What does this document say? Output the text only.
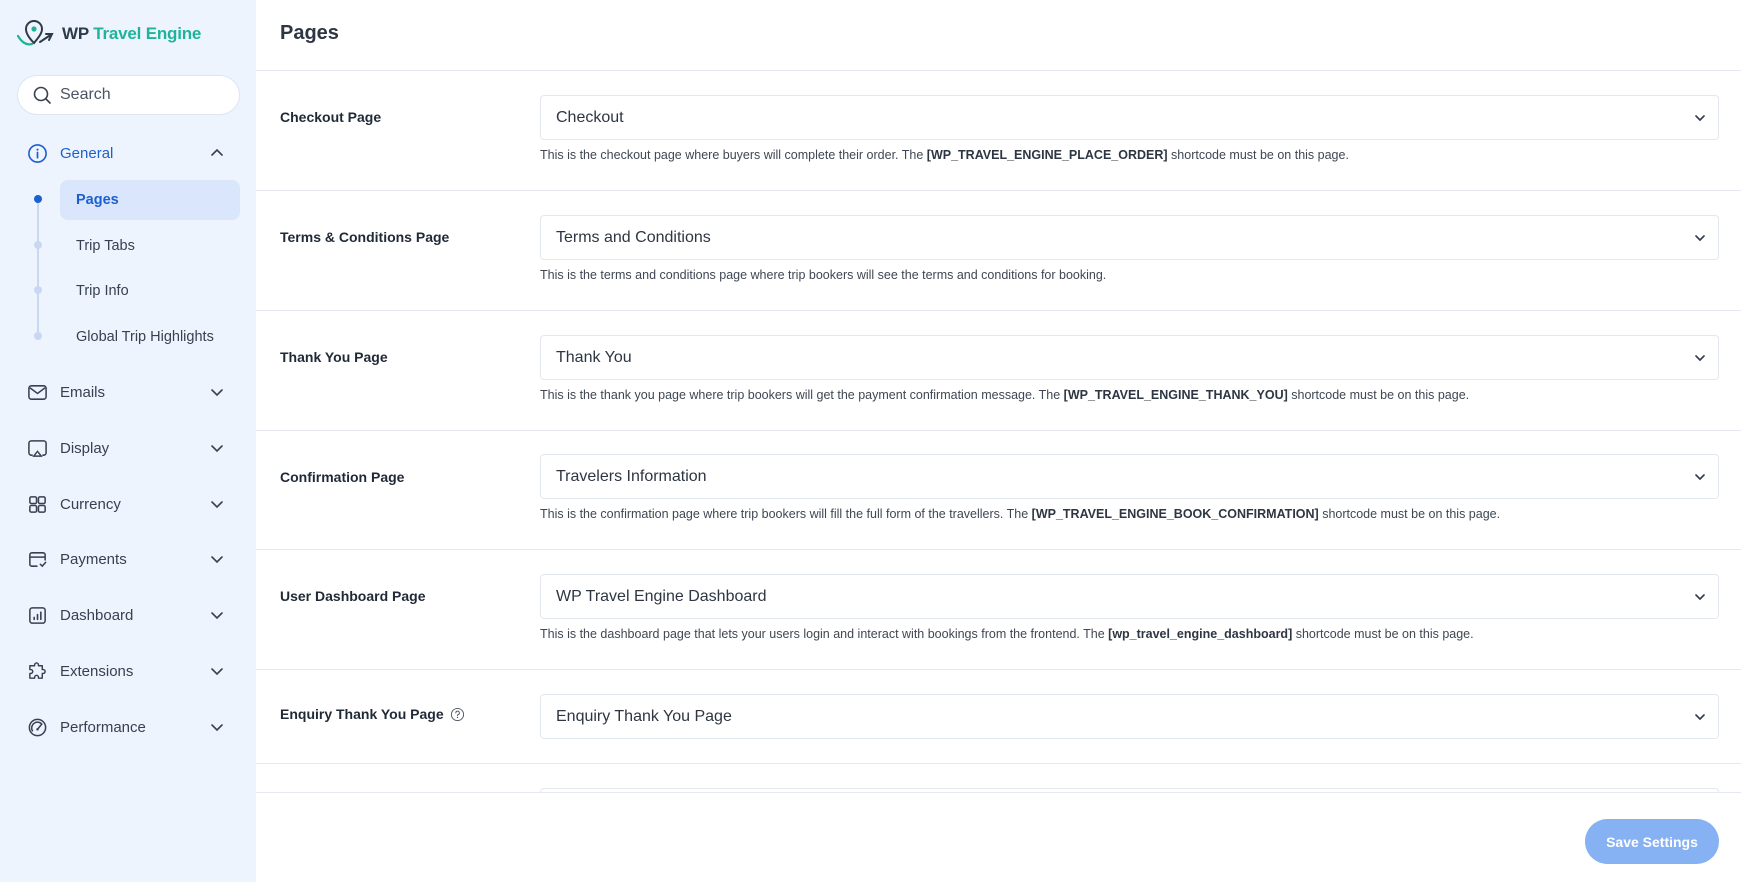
WP Travel Engine
Search
General
Pages
Trip Tabs
Trip Info
Global Trip Highlights
Emails
Display
Currency
Payments
Dashboard
Extensions
Performance
Pages
Checkout Page	Checkout
This is the checkout page where buyers will complete their order. The [WP_TRAVEL_ENGINE_PLACE_ORDER] shortcode must be on this page.
Terms & Conditions Page	Terms and Conditions
This is the terms and conditions page where trip bookers will see the terms and conditions for booking.
Thank You Page	Thank You
This is the thank you page where trip bookers will get the payment confirmation message. The [WP_TRAVEL_ENGINE_THANK_YOU] shortcode must be on this page.
Confirmation Page	Travelers Information
This is the confirmation page where trip bookers will fill the full form of the travellers. The [WP_TRAVEL_ENGINE_BOOK_CONFIRMATION] shortcode must be on this page.
User Dashboard Page	WP Travel Engine Dashboard
This is the dashboard page that lets your users login and interact with bookings from the frontend. The [wp_travel_engine_dashboard] shortcode must be on this page.
Enquiry Thank You Page	Enquiry Thank You Page
Save Settings
